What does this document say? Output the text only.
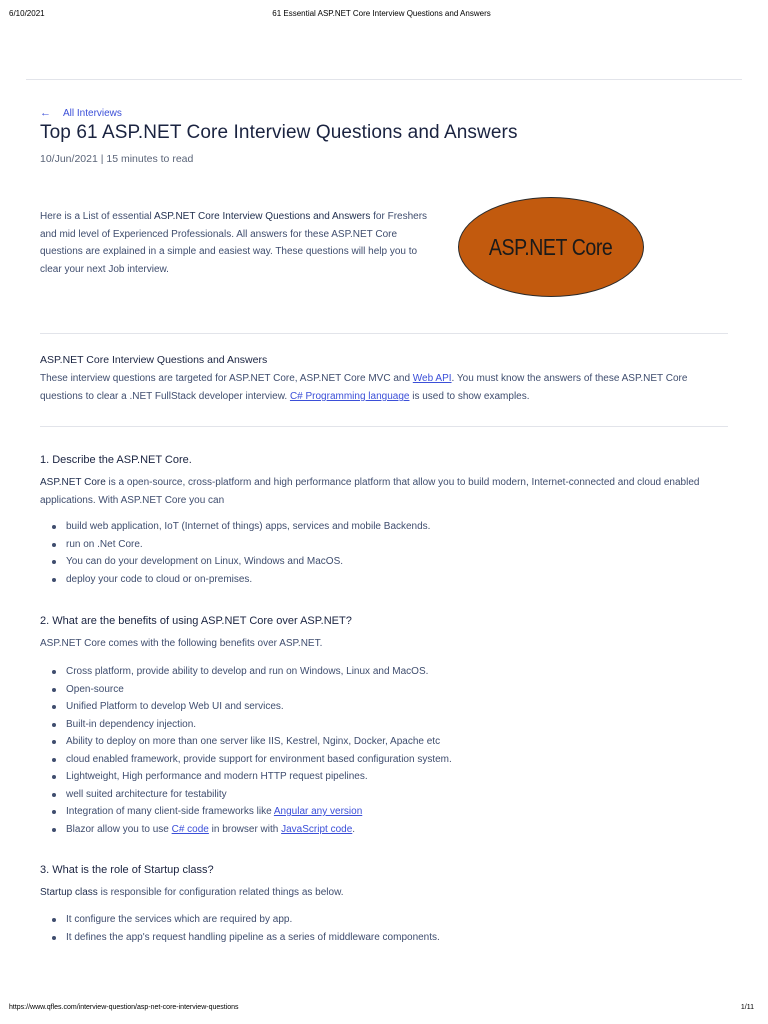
6/10/2021	61 Essential ASP.NET Core Interview Questions and Answers
← All Interviews
Top 61 ASP.NET Core Interview Questions and Answers
10/Jun/2021 | 15 minutes to read
Here is a List of essential ASP.NET Core Interview Questions and Answers for Freshers and mid level of Experienced Professionals. All answers for these ASP.NET Core questions are explained in a simple and easiest way. These questions will help you to clear your next Job interview.
ASP.NET Core
ASP.NET Core Interview Questions and Answers
These interview questions are targeted for ASP.NET Core, ASP.NET Core MVC and Web API. You must know the answers of these ASP.NET Core questions to clear a .NET FullStack developer interview. C# Programming language is used to show examples.
1. Describe the ASP.NET Core.
ASP.NET Core is a open-source, cross-platform and high performance platform that allow you to build modern, Internet-connected and cloud enabled applications. With ASP.NET Core you can
build web application, IoT (Internet of things) apps, services and mobile Backends.
run on .Net Core.
You can do your development on Linux, Windows and MacOS.
deploy your code to cloud or on-premises.
2. What are the benefits of using ASP.NET Core over ASP.NET?
ASP.NET Core comes with the following benefits over ASP.NET.
Cross platform, provide ability to develop and run on Windows, Linux and MacOS.
Open-source
Unified Platform to develop Web UI and services.
Built-in dependency injection.
Ability to deploy on more than one server like IIS, Kestrel, Nginx, Docker, Apache etc
cloud enabled framework, provide support for environment based configuration system.
Lightweight, High performance and modern HTTP request pipelines.
well suited architecture for testability
Integration of many client-side frameworks like Angular any version
Blazor allow you to use C# code in browser with JavaScript code.
3. What is the role of Startup class?
Startup class is responsible for configuration related things as below.
It configure the services which are required by app.
It defines the app's request handling pipeline as a series of middleware components.
https://www.qfles.com/interview-question/asp-net-core-interview-questions	1/11
